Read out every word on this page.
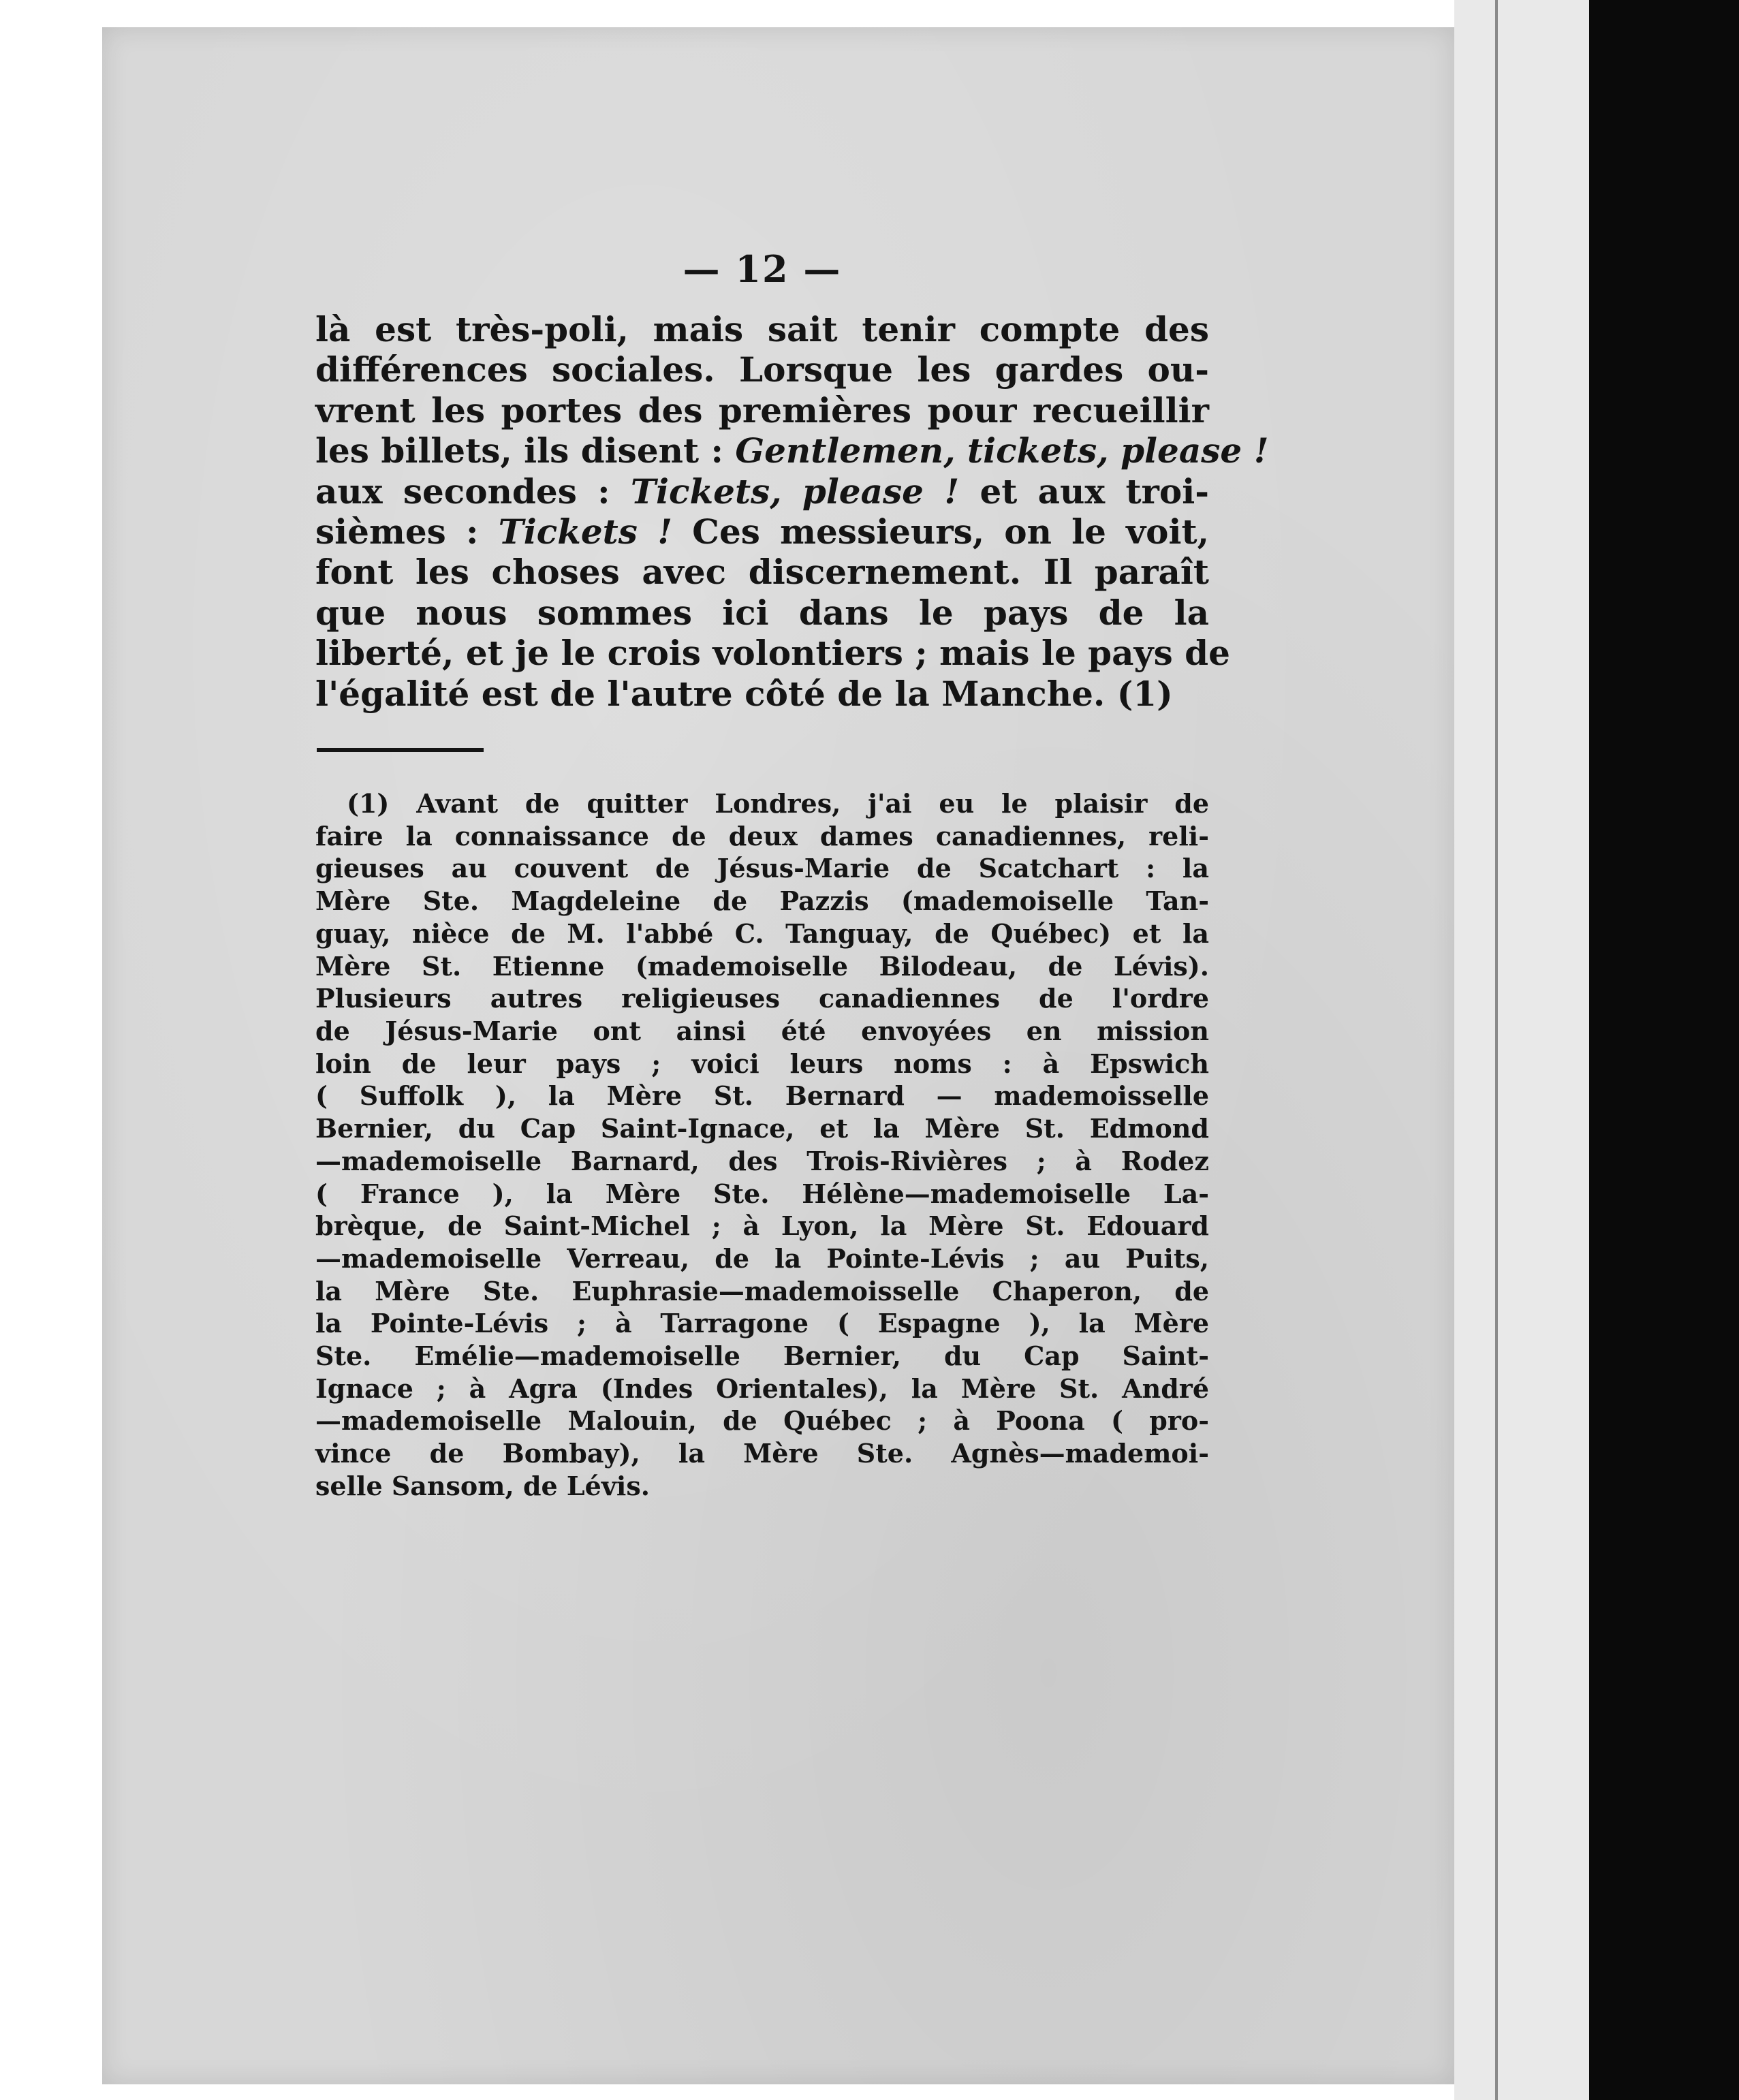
— 12 —
là est très-poli, mais sait tenir compte des
différences sociales. Lorsque les gardes ou-
vrent les portes des premières pour recueillir
les billets, ils disent : Gentlemen, tickets, please !
aux secondes : Tickets, please ! et aux troi-
sièmes : Tickets ! Ces messieurs, on le voit,
font les choses avec discernement. Il paraît
que nous sommes ici dans le pays de la
liberté, et je le crois volontiers ; mais le pays de
l'égalité est de l'autre côté de la Manche. (1)
(1) Avant de quitter Londres, j'ai eu le plaisir de
faire la connaissance de deux dames canadiennes, reli-
gieuses au couvent de Jésus-Marie de Scatchart : la
Mère Ste. Magdeleine de Pazzis (mademoiselle Tan-
guay, nièce de M. l'abbé C. Tanguay, de Québec) et la
Mère St. Etienne (mademoiselle Bilodeau, de Lévis).
Plusieurs autres religieuses canadiennes de l'ordre
de Jésus-Marie ont ainsi été envoyées en mission
loin de leur pays ; voici leurs noms : à Epswich
( Suffolk ), la Mère St. Bernard — mademoisselle
Bernier, du Cap Saint-Ignace, et la Mère St. Edmond
—mademoiselle Barnard, des Trois-Rivières ; à Rodez
( France ), la Mère Ste. Hélène—mademoiselle La-
brèque, de Saint-Michel ; à Lyon, la Mère St. Edouard
—mademoiselle Verreau, de la Pointe-Lévis ; au Puits,
la Mère Ste. Euphrasie—mademoisselle Chaperon, de
la Pointe-Lévis ; à Tarragone ( Espagne ), la Mère
Ste. Emélie—mademoiselle Bernier, du Cap Saint-
Ignace ; à Agra (Indes Orientales), la Mère St. André
—mademoiselle Malouin, de Québec ; à Poona ( pro-
vince de Bombay), la Mère Ste. Agnès—mademoi-
selle Sansom, de Lévis.
